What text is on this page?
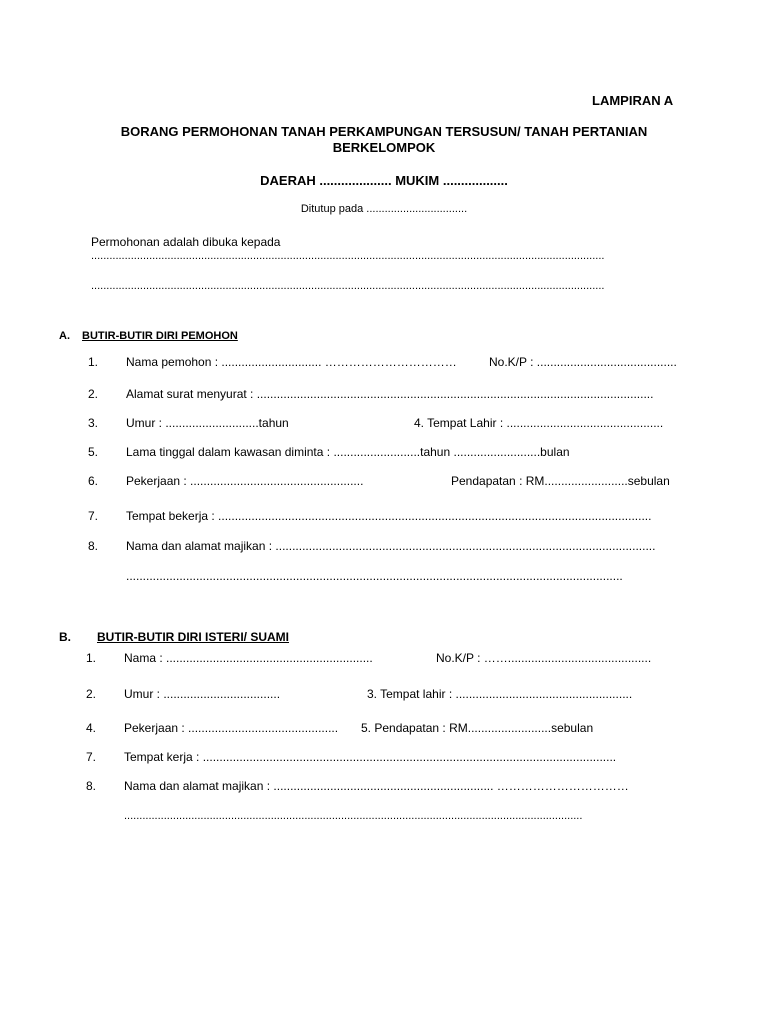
LAMPIRAN A
BORANG PERMOHONAN TANAH PERKAMPUNGAN TERSUSUN/ TANAH PERTANIAN
BERKELOMPOK
DAERAH .................... MUKIM ..................
Ditutup pada .................................
Permohonan adalah dibuka kepada
........................................................................................................................................................................
........................................................................................................................................................................
A. BUTIR-BUTIR DIRI PEMOHON
1. Nama pemohon : .............................. ……………………………	No.K/P : ..........................................
2. Alamat surat menyurat : .......................................................................................................................
3. Umur : ............................tahun	4. Tempat Lahir : ...............................................
5. Lama tinggal dalam kawasan diminta : ..........................tahun ..........................bulan
6. Pekerjaan : ....................................................	Pendapatan : RM.........................sebulan
7. Tempat bekerja : ..................................................................................................................................
8. Nama dan alamat majikan : ..................................................................................................................
.....................................................................................................................................................
B. BUTIR-BUTIR DIRI ISTERI/ SUAMI
1. Nama : ..............................................................	No.K/P : ……...........................................
2. Umur : ...................................	3. Tempat lahir : .....................................................
4. Pekerjaan : ............................................. 5. Pendapatan : RM.........................sebulan
7. Tempat kerja : ............................................................................................................................
8. Nama dan alamat majikan : .................................................................. ……………………………
......................................................................................................................................................
